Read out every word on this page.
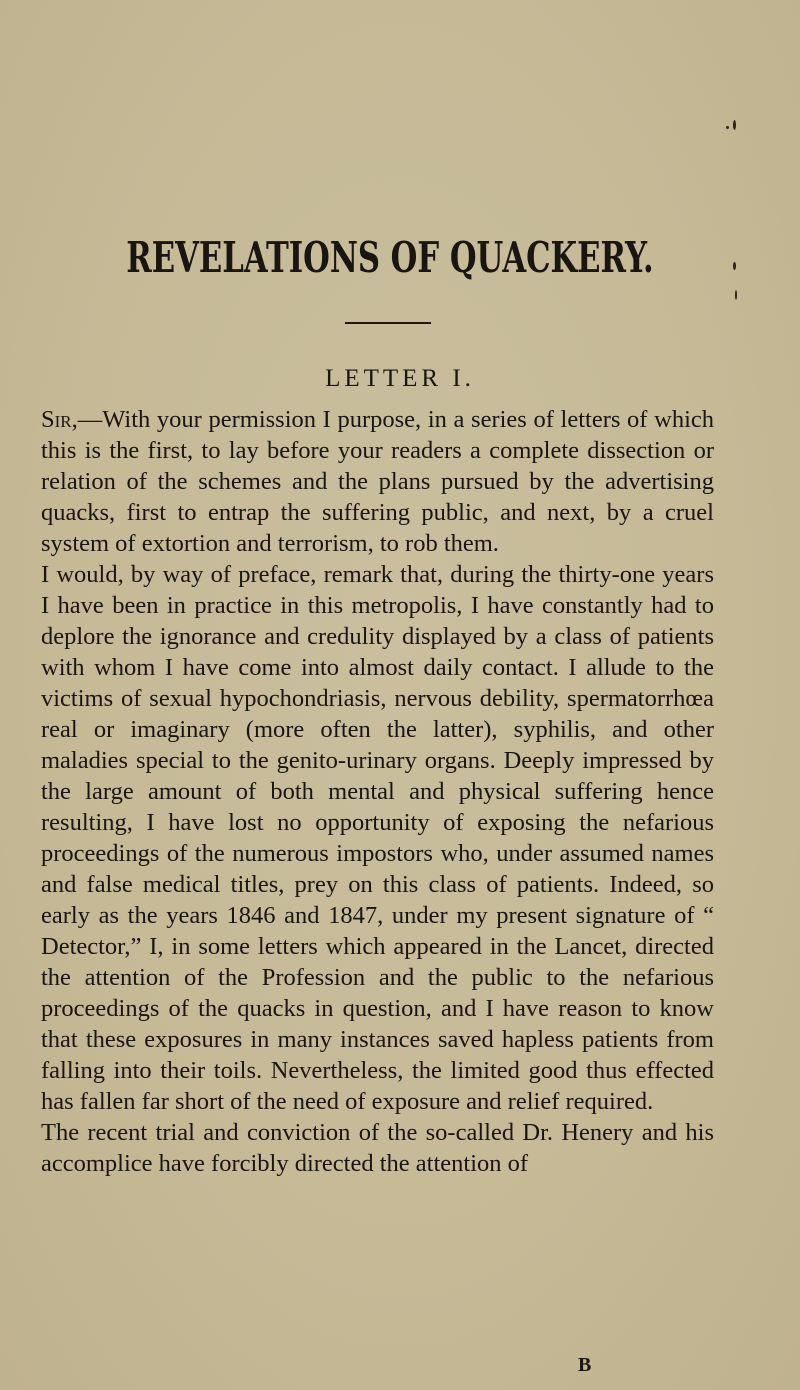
REVELATIONS OF QUACKERY.
LETTER I.

Sir,—With your permission I purpose, in a series of letters of which this is the first, to lay before your readers a complete dissection or relation of the schemes and the plans pursued by the advertising quacks, first to entrap the suffering public, and next, by a cruel system of extortion and terrorism, to rob them.

I would, by way of preface, remark that, during the thirty-one years I have been in practice in this metropolis, I have constantly had to deplore the ignorance and credulity displayed by a class of patients with whom I have come into almost daily contact. I allude to the victims of sexual hypochondriasis, nervous debility, spermatorrhœa real or imaginary (more often the latter), syphilis, and other maladies special to the genito-urinary organs. Deeply impressed by the large amount of both mental and physical suffering hence resulting, I have lost no opportunity of exposing the nefarious proceedings of the numerous impostors who, under assumed names and false medical titles, prey on this class of patients. Indeed, so early as the years 1846 and 1847, under my present signature of “ Detector,” I, in some letters which appeared in the Lancet, directed the attention of the Profession and the public to the nefarious proceedings of the quacks in question, and I have reason to know that these exposures in many instances saved hapless patients from falling into their toils. Nevertheless, the limited good thus effected has fallen far short of the need of exposure and relief required.

The recent trial and conviction of the so-called Dr. Henery and his accomplice have forcibly directed the attention of

B
